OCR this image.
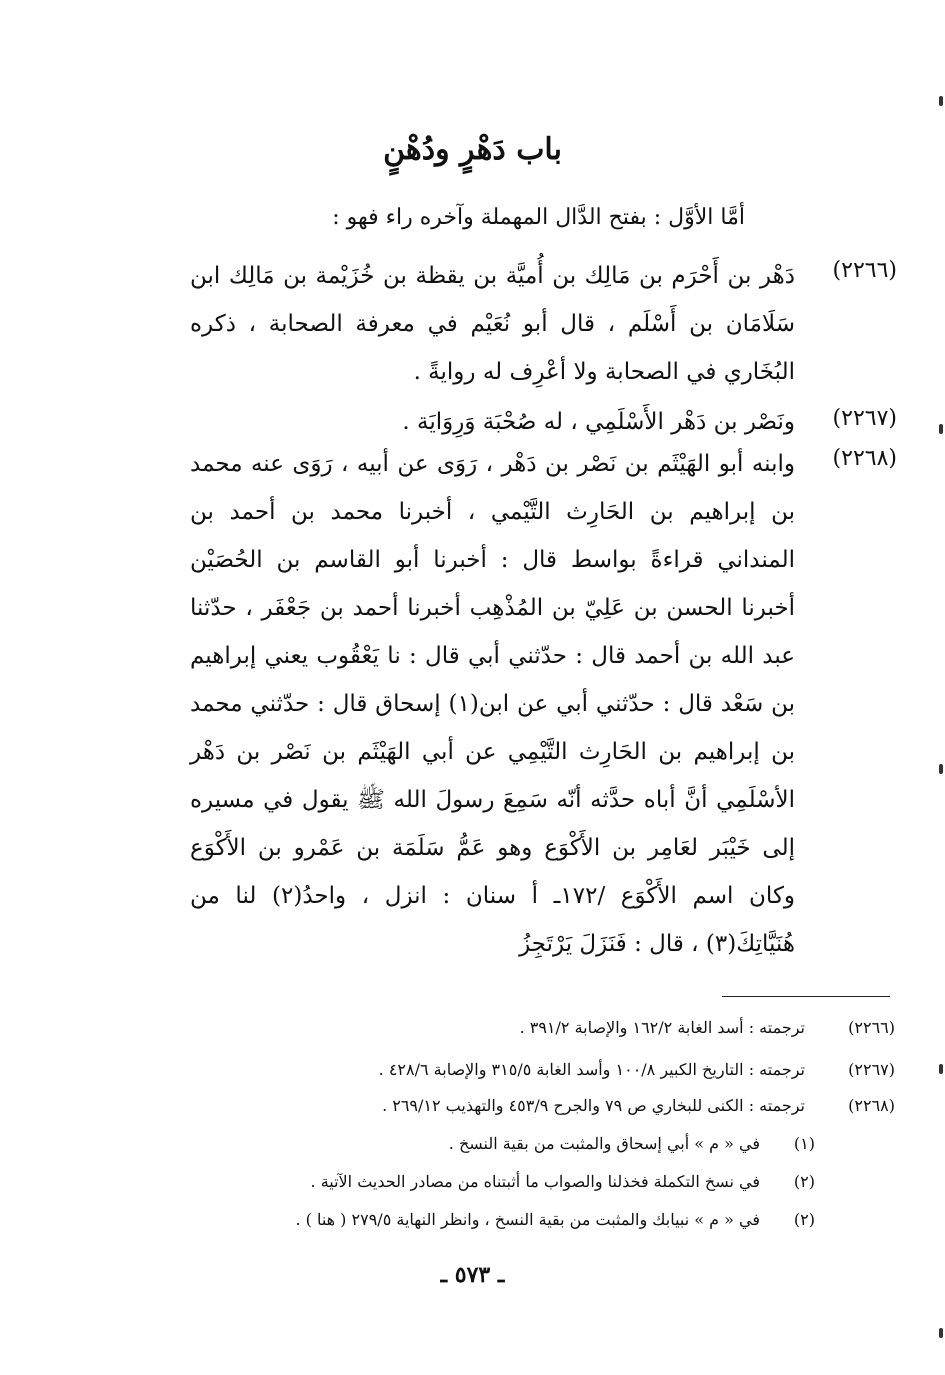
باب دَهْرٍ ودُهْنٍ
أمَّا الأوَّل : بفتح الدَّال المهملة وآخره راء فهو :
(٢٢٦٦)
دَهْر بن أَحْرَم بن مَالِك بن أُميَّة بن يقظة بن خُزَيْمة بن مَالِك ابن سَلَامَان بن أَسْلَم ، قال أبو نُعَيْم في معرفة الصحابة ، ذكره البُخَاري في الصحابة ولا أعْرِف له روايةً .
(٢٢٦٧)
ونَصْر بن دَهْر الأَسْلَمِي ، له صُحْبَة وَرِوَايَة .
(٢٢٦٨)
وابنه أبو الهَيْثَم بن نَصْر بن دَهْر ، رَوَى عن أبيه ، رَوَى عنه محمد بن إبراهيم بن الحَارِث التَّيْمي ، أخبرنا محمد بن أحمد بن المنداني قراءةً بواسط قال : أخبرنا أبو القاسم بن الحُصَيْن أخبرنا الحسن بن عَلِيّ بن المُذْهِب أخبرنا أحمد بن جَعْفَر ، حدّثنا عبد الله بن أحمد قال : حدّثني أبي قال : نا يَعْقُوب يعني إبراهيم بن سَعْد قال : حدّثني أبي عن ابن(١) إسحاق قال : حدّثني محمد بن إبراهيم بن الحَارِث التَّيْمِي عن أبي الهَيْثَم بن نَصْر بن دَهْر الأسْلَمِي أنَّ أباه حدَّثه أنّه سَمِعَ رسولَ الله ﷺ يقول في مسيره إلى خَيْبَر لعَامِر بن الأَكْوَع وهو عَمُّ سَلَمَة بن عَمْرو بن الأَكْوَع وكان اسم الأَكْوَع /١٧٢ـ أ سنان : انزل ، واحدُ(٢) لنا من هُنَيَّاتِكَ(٣) ، قال : فَنَزَلَ يَرْتَجِزُ
(٢٢٦٦)
ترجمته : أسد الغابة ١٦٢/٢ والإصابة ٣٩١/٢ .
(٢٢٦٧)
ترجمته : التاريخ الكبير ١٠٠/٨ وأسد الغابة ٣١٥/٥ والإصابة ٤٢٨/٦ .
(٢٢٦٨)
ترجمته : الكنى للبخاري ص ٧٩ والجرح ٤٥٣/٩ والتهذيب ٢٦٩/١٢ .
(١)
في « م » أبي إسحاق والمثبت من بقية النسخ .
(٢)
في نسخ التكملة فخذلنا والصواب ما أثبتناه من مصادر الحديث الآتية .
(٢)
في « م » نبيابك والمثبت من بقية النسخ ، وانظر النهاية ٢٧٩/٥ ( هنا ) .
ـ ٥٧٣ ـ
